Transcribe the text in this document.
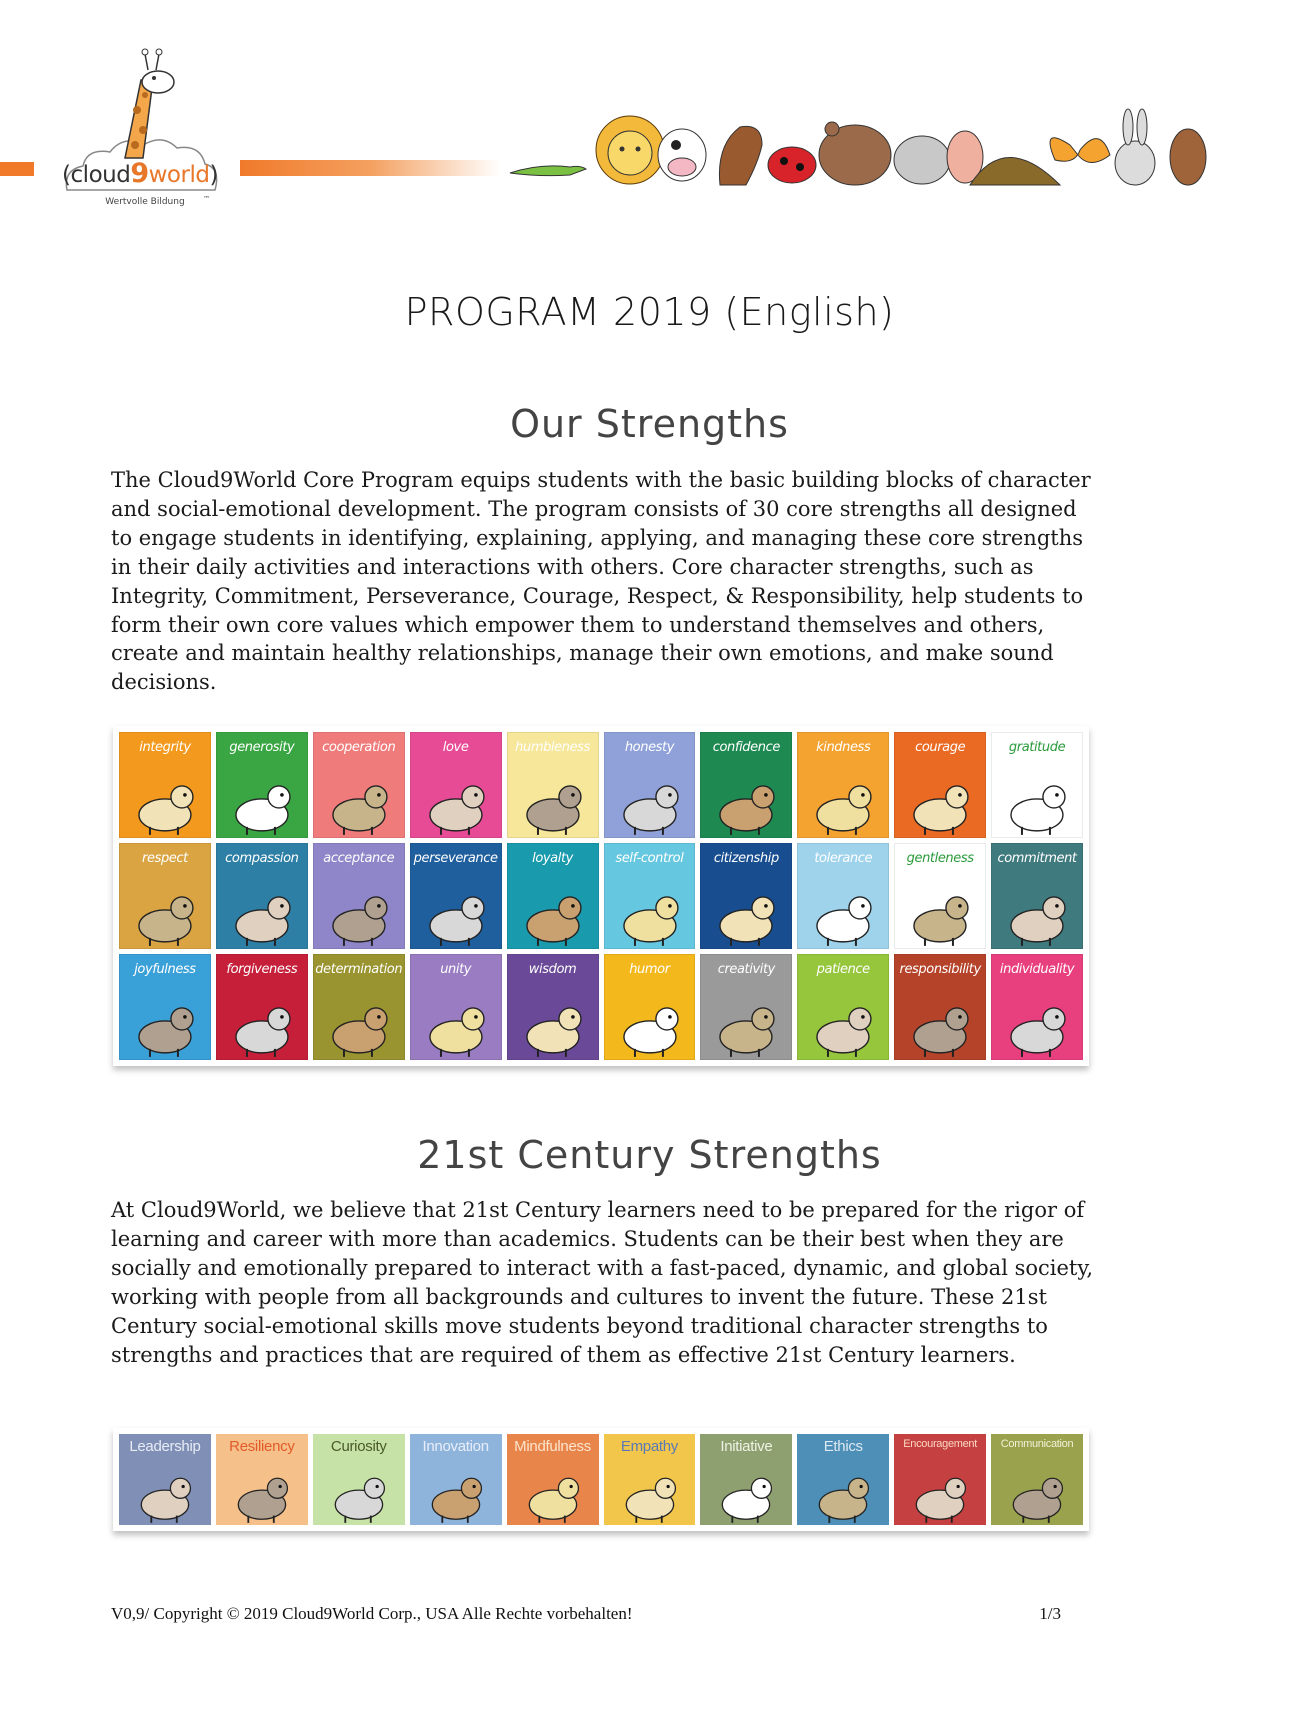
(cloud9world)
Wertvolle Bildung	™
PROGRAM 2019 (English)
Our Strengths

The Cloud9World Core Program equips students with the basic building blocks of character and social-emotional development. The program consists of 30 core strengths all designed to engage students in identifying, explaining, applying, and managing these core strengths in their daily activities and interactions with others. Core character strengths, such as Integrity, Commitment, Perseverance, Courage, Respect, & Responsibility, help students to form their own core values which empower them to understand themselves and others, create and maintain healthy relationships, manage their own emotions, and make sound decisions.

integrity	generosity	cooperation	love	humbleness	honesty	confidence	kindness	courage	gratitude
respect	compassion	acceptance	perseverance	loyalty	self-control	citizenship	tolerance	gentleness	commitment
joyfulness	forgiveness	determination	unity	wisdom	humor	creativity	patience	responsibility	individuality
21st Century Strengths

At Cloud9World, we believe that 21st Century learners need to be prepared for the rigor of learning and career with more than academics. Students can be their best when they are socially and emotionally prepared to interact with a fast-paced, dynamic, and global society, working with people from all backgrounds and cultures to invent the future. These 21st Century social-emotional skills move students beyond traditional character strengths to strengths and practices that are required of them as effective 21st Century learners.

Leadership	Resiliency	Curiosity	Innovation	Mindfulness	Empathy	Initiative	Ethics	Encouragement	Communication
V0,9/ Copyright © 2019 Cloud9World Corp., USA Alle Rechte vorbehalten!	1/3
